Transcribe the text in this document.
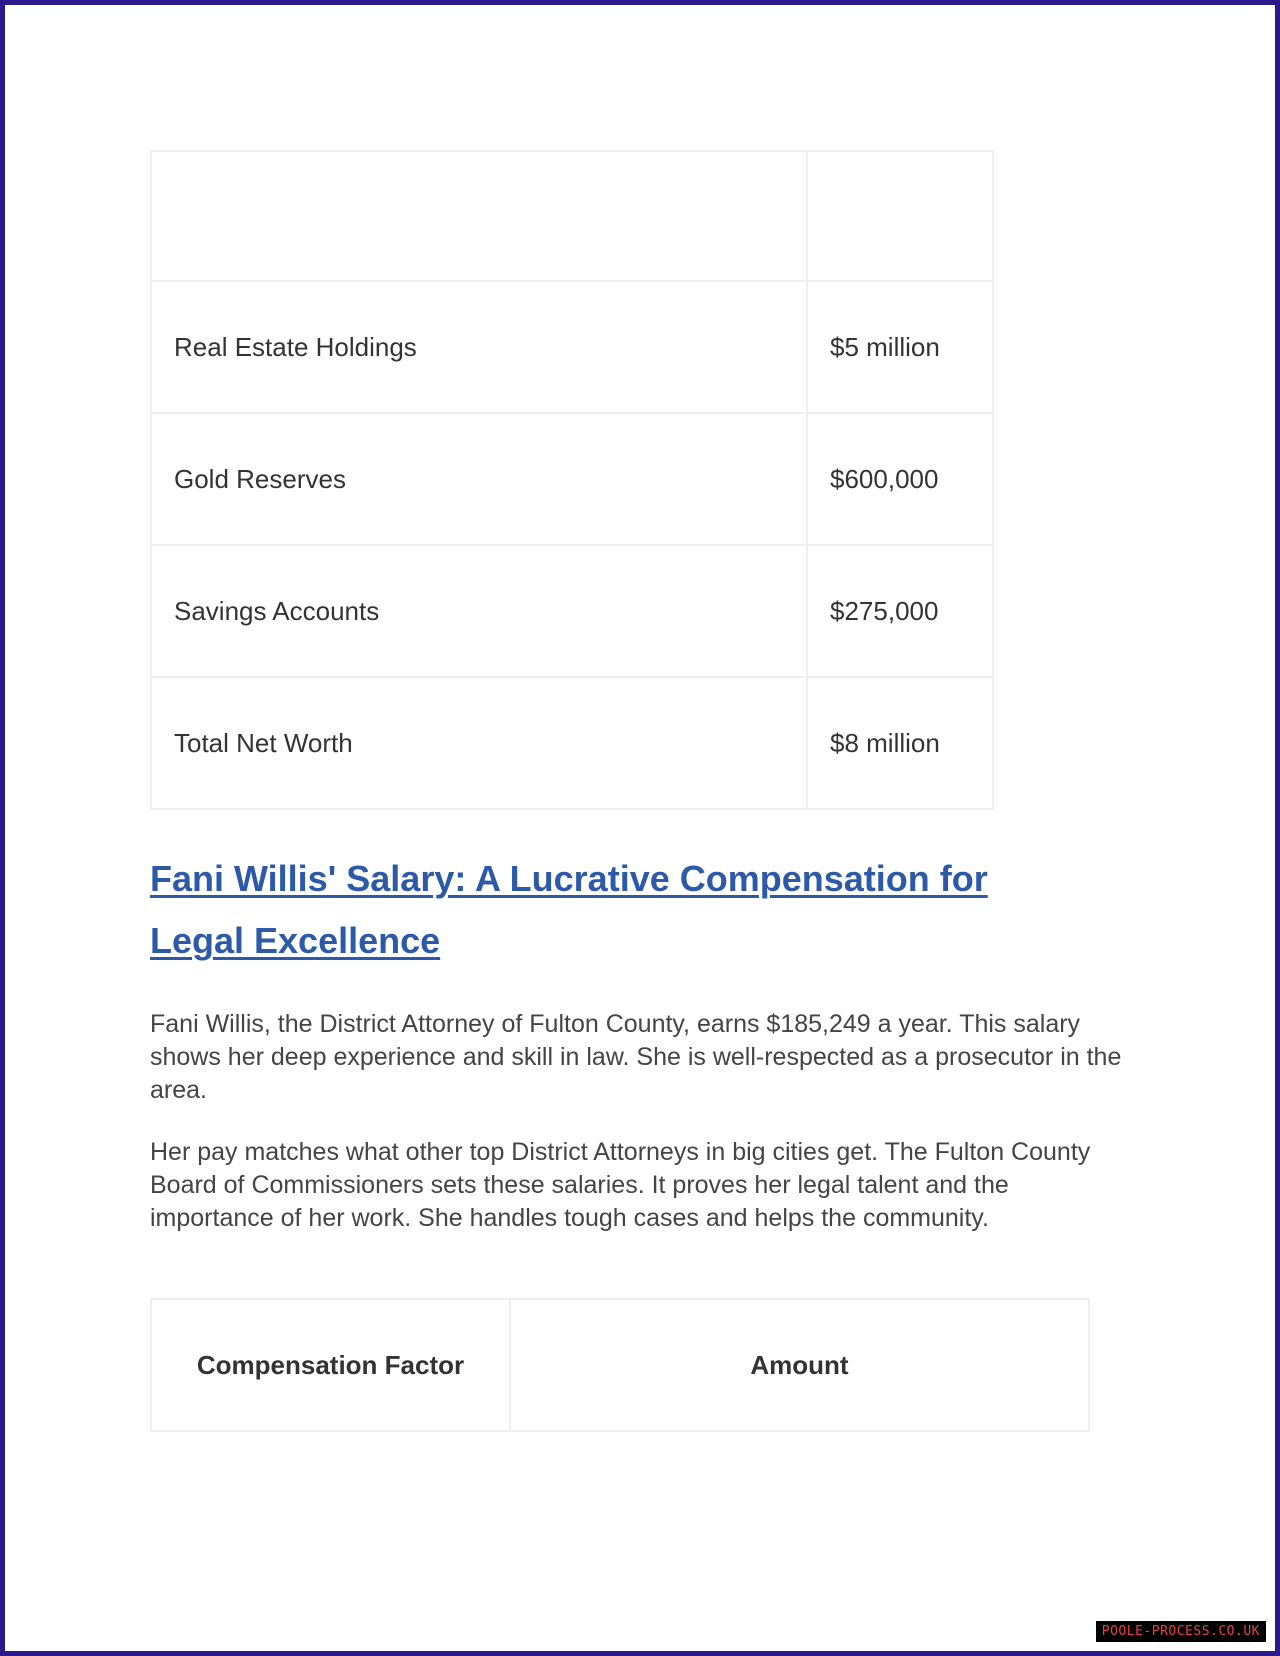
Real Estate Holdings	$5 million
Gold Reserves	$600,000
Savings Accounts	$275,000
Total Net Worth	$8 million
Fani Willis' Salary: A Lucrative Compensation for Legal Excellence

Fani Willis, the District Attorney of Fulton County, earns $185,249 a year. This salary shows her deep experience and skill in law. She is well-respected as a prosecutor in the area.

Her pay matches what other top District Attorneys in big cities get. The Fulton County Board of Commissioners sets these salaries. It proves her legal talent and the importance of her work. She handles tough cases and helps the community.

Compensation Factor	Amount
POOLE-PROCESS.CO.UK
